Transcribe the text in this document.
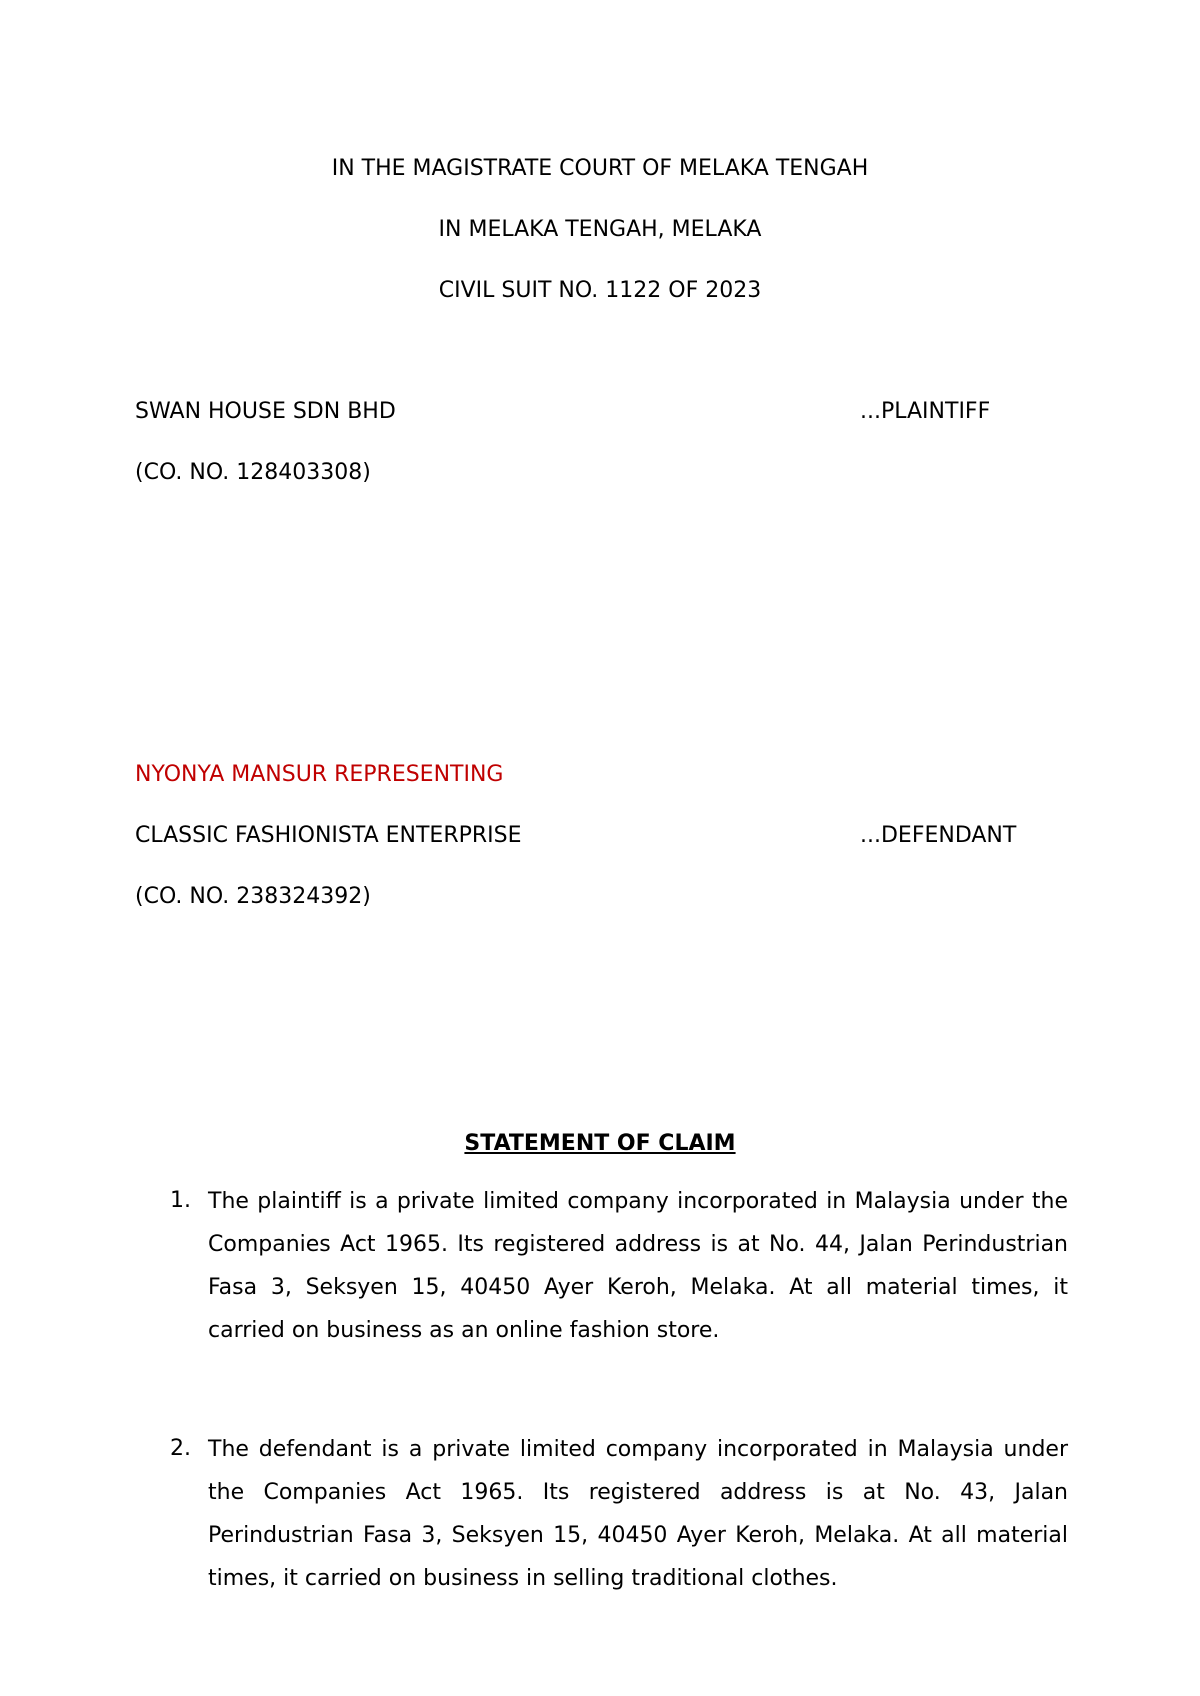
IN THE MAGISTRATE COURT OF MELAKA TENGAH
IN MELAKA TENGAH, MELAKA
CIVIL SUIT NO. 1122 OF 2023
SWAN HOUSE SDN BHD	...PLAINTIFF
(CO. NO. 128403308)
NYONYA MANSUR REPRESENTING
CLASSIC FASHIONISTA ENTERPRISE	...DEFENDANT
(CO. NO. 238324392)
STATEMENT OF CLAIM
1. The plaintiff is a private limited company incorporated in Malaysia under the Companies Act 1965. Its registered address is at No. 44, Jalan Perindustrian Fasa 3, Seksyen 15, 40450 Ayer Keroh, Melaka. At all material times, it carried on business as an online fashion store.
2. The defendant is a private limited company incorporated in Malaysia under the Companies Act 1965. Its registered address is at No. 43, Jalan Perindustrian Fasa 3, Seksyen 15, 40450 Ayer Keroh, Melaka. At all material times, it carried on business in selling traditional clothes.
